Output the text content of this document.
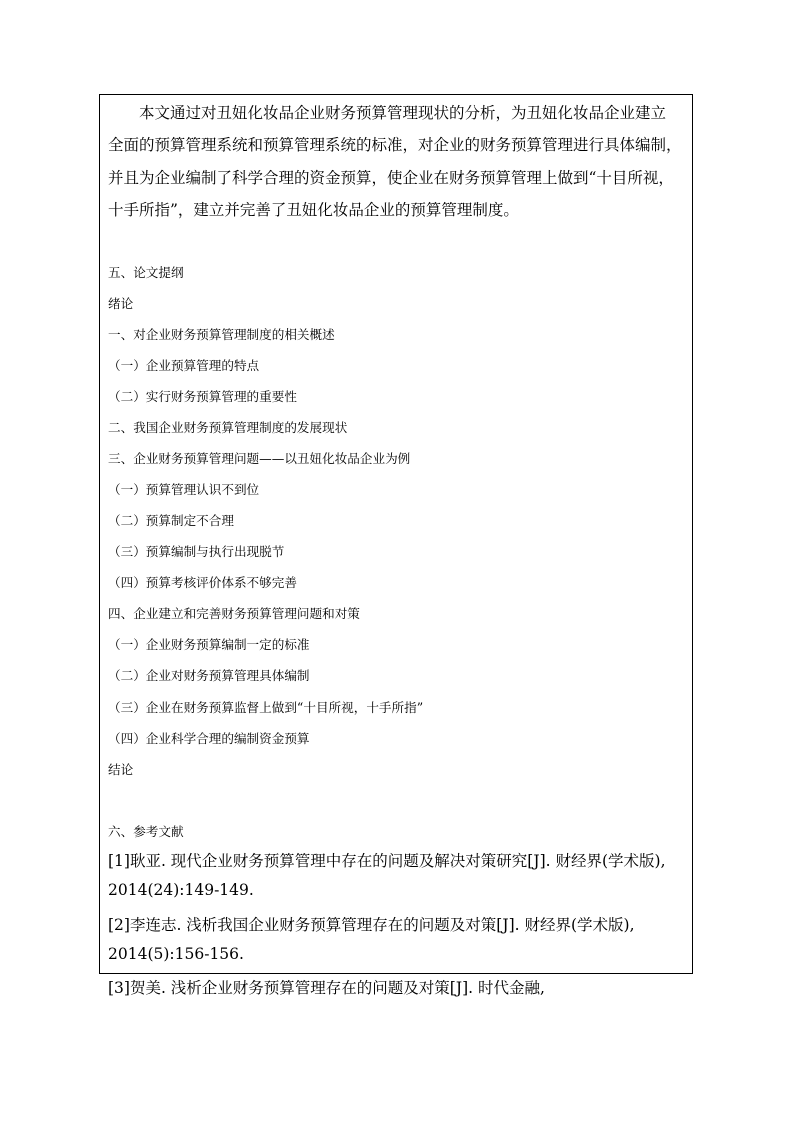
　　本文通过对丑妞化妆品企业财务预算管理现状的分析，为丑妞化妆品企业建立
全面的预算管理系统和预算管理系统的标准，对企业的财务预算管理进行具体编制，
并且为企业编制了科学合理的资金预算，使企业在财务预算管理上做到“十目所视，
十手所指”，建立并完善了丑妞化妆品企业的预算管理制度。
五、论文提纲
绪论
一、对企业财务预算管理制度的相关概述
（一）企业预算管理的特点
（二）实行财务预算管理的重要性
二、我国企业财务预算管理制度的发展现状
三、企业财务预算管理问题——以丑妞化妆品企业为例
（一）预算管理认识不到位
（二）预算制定不合理
（三）预算编制与执行出现脱节
（四）预算考核评价体系不够完善
四、企业建立和完善财务预算管理问题和对策
（一）企业财务预算编制一定的标准
（二）企业对财务预算管理具体编制
（三）企业在财务预算监督上做到“十目所视，十手所指”
（四）企业科学合理的编制资金预算
结论
六、参考文献
[1]耿亚. 现代企业财务预算管理中存在的问题及解决对策研究[J]. 财经界(学术版),
2014(24):149-149.
[2]李连志. 浅析我国企业财务预算管理存在的问题及对策[J]. 财经界(学术版),
2014(5):156-156.
[3]贺美. 浅析企业财务预算管理存在的问题及对策[J]. 时代金融,
